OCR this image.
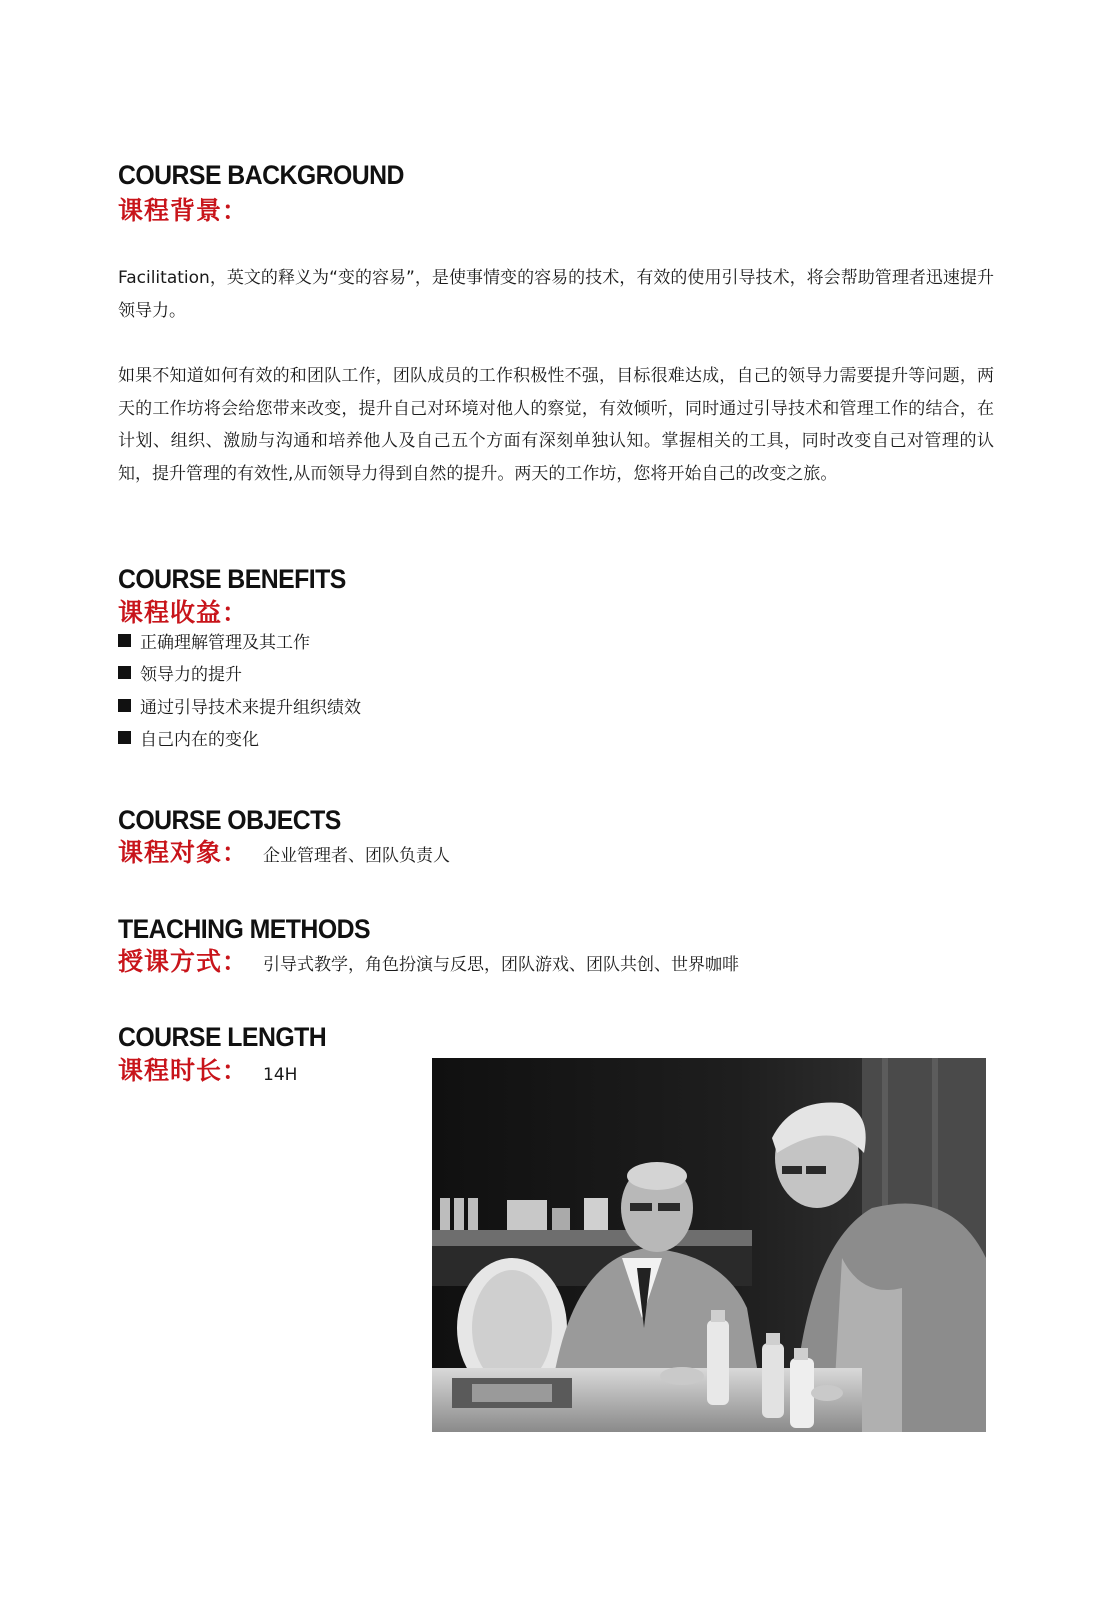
COURSE BACKGROUND
课程背景：

Facilitation，英文的释义为“变的容易”，是使事情变的容易的技术，有效的使用引导技术，将会帮助管理者迅速提升领导力。

如果不知道如何有效的和团队工作，团队成员的工作积极性不强，目标很难达成，自己的领导力需要提升等问题，两天的工作坊将会给您带来改变，提升自己对环境对他人的察觉，有效倾听，同时通过引导技术和管理工作的结合，在计划、组织、激励与沟通和培养他人及自己五个方面有深刻单独认知。掌握相关的工具，同时改变自己对管理的认知，提升管理的有效性,从而领导力得到自然的提升。两天的工作坊，您将开始自己的改变之旅。

COURSE BENEFITS
课程收益：
正确理解管理及其工作
领导力的提升
通过引导技术来提升组织绩效
自己内在的变化
COURSE OBJECTS
课程对象： 企业管理者、团队负责人
TEACHING METHODS
授课方式： 引导式教学，角色扮演与反思，团队游戏、团队共创、世界咖啡
COURSE LENGTH
课程时长： 14H
